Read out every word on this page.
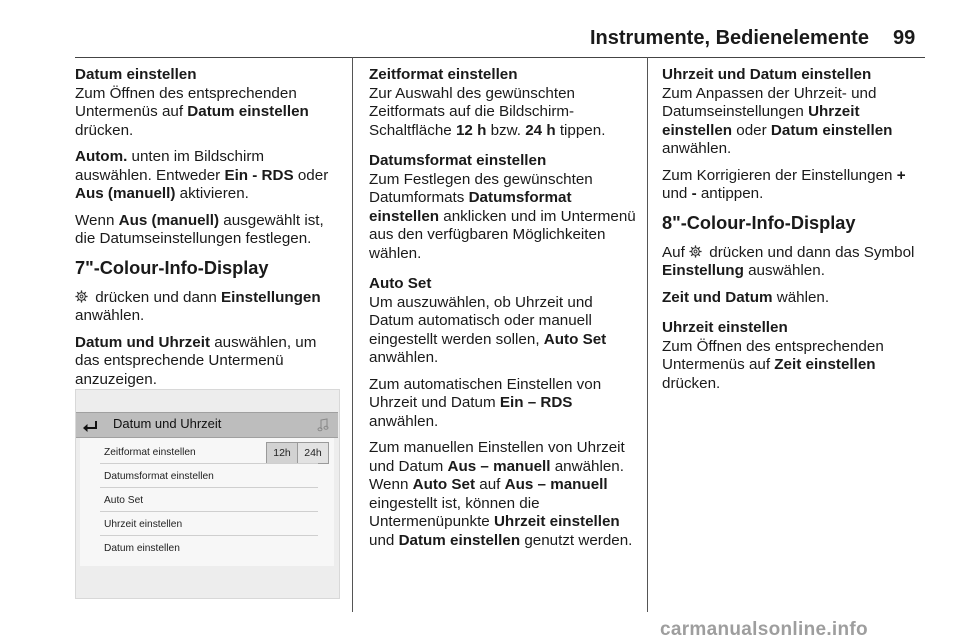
Instrumente, Bedienelemente 99
Datum einstellen

Zum Öffnen des entsprechenden Untermenüs auf Datum einstellen drücken.

Autom. unten im Bildschirm auswählen. Entweder Ein - RDS oder Aus (manuell) aktivieren.

Wenn Aus (manuell) ausgewählt ist, die Datumseinstellungen festlegen.

7"-Colour-Info-Display

drücken und dann Einstellungen anwählen.

Datum und Uhrzeit auswählen, um das entsprechende Untermenü anzuzeigen.

Datum und Uhrzeit
Zeitformat einstellen	12h	24h
Datumsformat einstellen
Auto Set
Uhrzeit einstellen
Datum einstellen
Zeitformat einstellen

Zur Auswahl des gewünschten Zeitformats auf die Bildschirm-Schaltfläche 12 h bzw. 24 h tippen.

Datumsformat einstellen

Zum Festlegen des gewünschten Datumformats Datumsformat einstellen anklicken und im Untermenü aus den verfügbaren Möglichkeiten wählen.

Auto Set

Um auszuwählen, ob Uhrzeit und Datum automatisch oder manuell eingestellt werden sollen, Auto Set anwählen.

Zum automatischen Einstellen von Uhrzeit und Datum Ein – RDS anwählen.

Zum manuellen Einstellen von Uhrzeit und Datum Aus – manuell anwählen. Wenn Auto Set auf Aus – manuell eingestellt ist, können die Untermenüpunkte Uhrzeit einstellen und Datum einstellen genutzt werden.

Uhrzeit und Datum einstellen

Zum Anpassen der Uhrzeit- und Datumseinstellungen Uhrzeit einstellen oder Datum einstellen anwählen.

Zum Korrigieren der Einstellungen + und - antippen.

8"-Colour-Info-Display

Auf  drücken und dann das Symbol Einstellung auswählen.

Zeit und Datum wählen.

Uhrzeit einstellen

Zum Öffnen des entsprechenden Untermenüs auf Zeit einstellen drücken.

carmanualsonline.info
